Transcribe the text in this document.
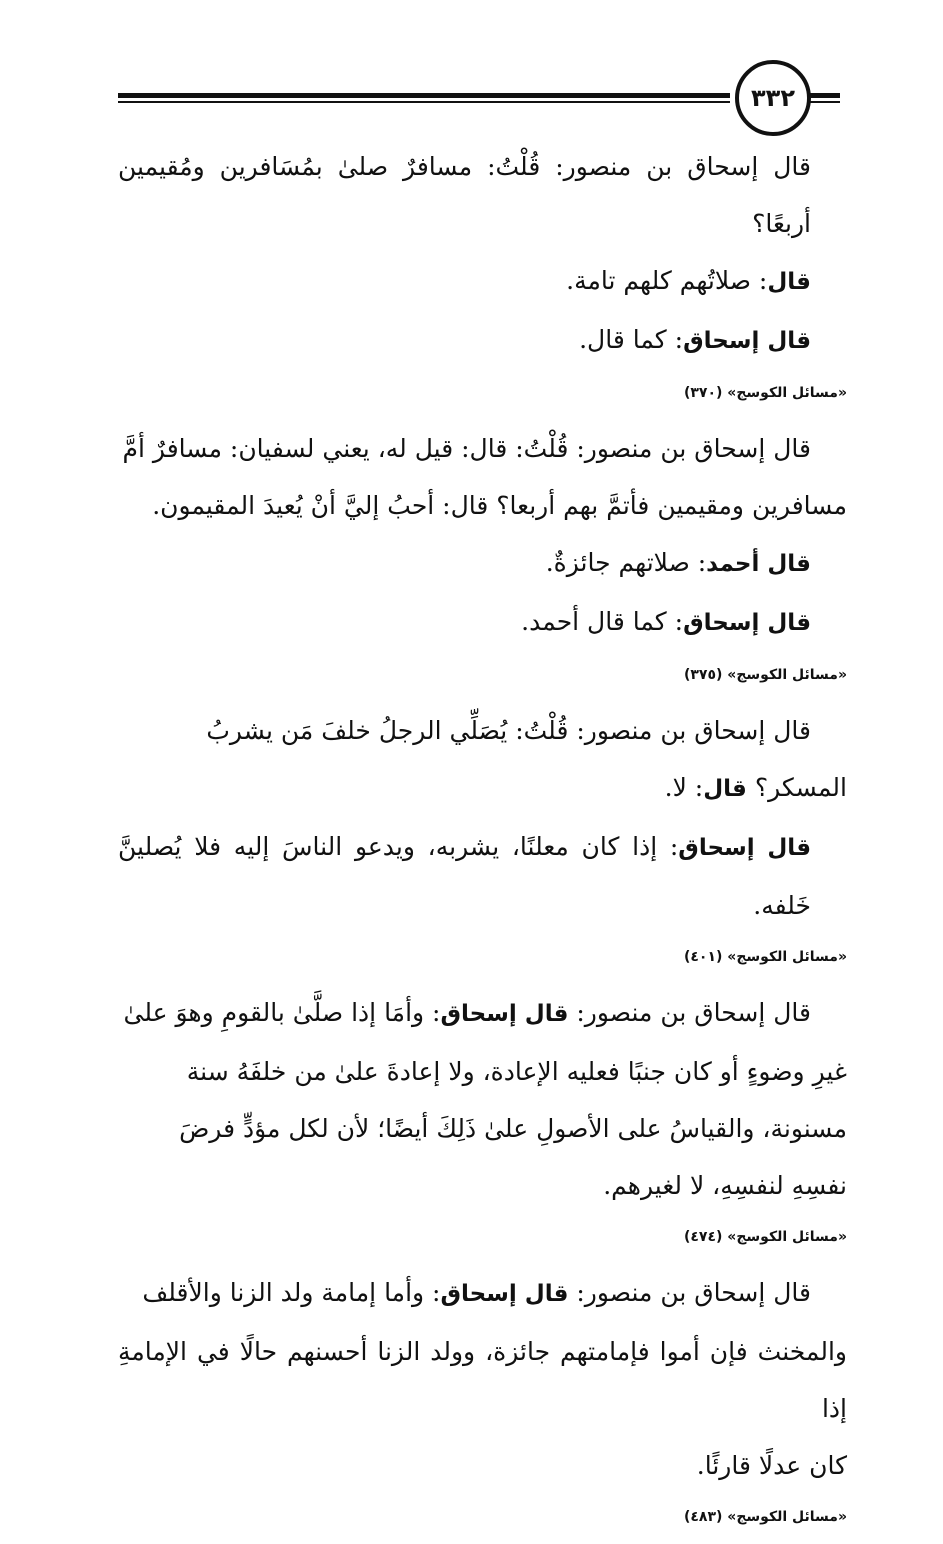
٣٣٢

قال إسحاق بن منصور: قُلْتُ: مسافرٌ صلىٰ بمُسَافرين ومُقيمين أربعًا؟

قال: صلاتُهم كلهم تامة.

قال إسحاق: كما قال.

«مسائل الكوسج» (٣٧٠)

قال إسحاق بن منصور: قُلْتُ: قال: قيل له، يعني لسفيان: مسافرٌ أمَّ

مسافرين ومقيمين فأتمَّ بهم أربعا؟ قال: أحبُ إليَّ أنْ يُعيدَ المقيمون.

قال أحمد: صلاتهم جائزةٌ.

قال إسحاق: كما قال أحمد.

«مسائل الكوسج» (٣٧٥)

قال إسحاق بن منصور: قُلْتُ: يُصَلِّي الرجلُ خلفَ مَن يشربُ

المسكر؟ قال: لا.

قال إسحاق: إذا كان معلنًا، يشربه، ويدعو الناسَ إليه فلا يُصلينَّ خَلفه.

«مسائل الكوسج» (٤٠١)

قال إسحاق بن منصور: قال إسحاق: وأمَا إذا صلَّىٰ بالقومِ وهوَ علىٰ

غيرِ وضوءٍ أو كان جنبًا فعليه الإعادة، ولا إعادةَ علىٰ من خلفَهُ سنة

مسنونة، والقياسُ على الأصولِ علىٰ ذَلِكَ أيضًا؛ لأن لكل مؤدٍّ فرضَ

نفسِهِ لنفسِهِ، لا لغيرهم.

«مسائل الكوسج» (٤٧٤)

قال إسحاق بن منصور: قال إسحاق: وأما إمامة ولد الزنا والأقلف

والمخنث فإن أموا فإمامتهم جائزة، وولد الزنا أحسنهم حالًا في الإمامةِ إذا

كان عدلًا قارئًا.

«مسائل الكوسج» (٤٨٣)
